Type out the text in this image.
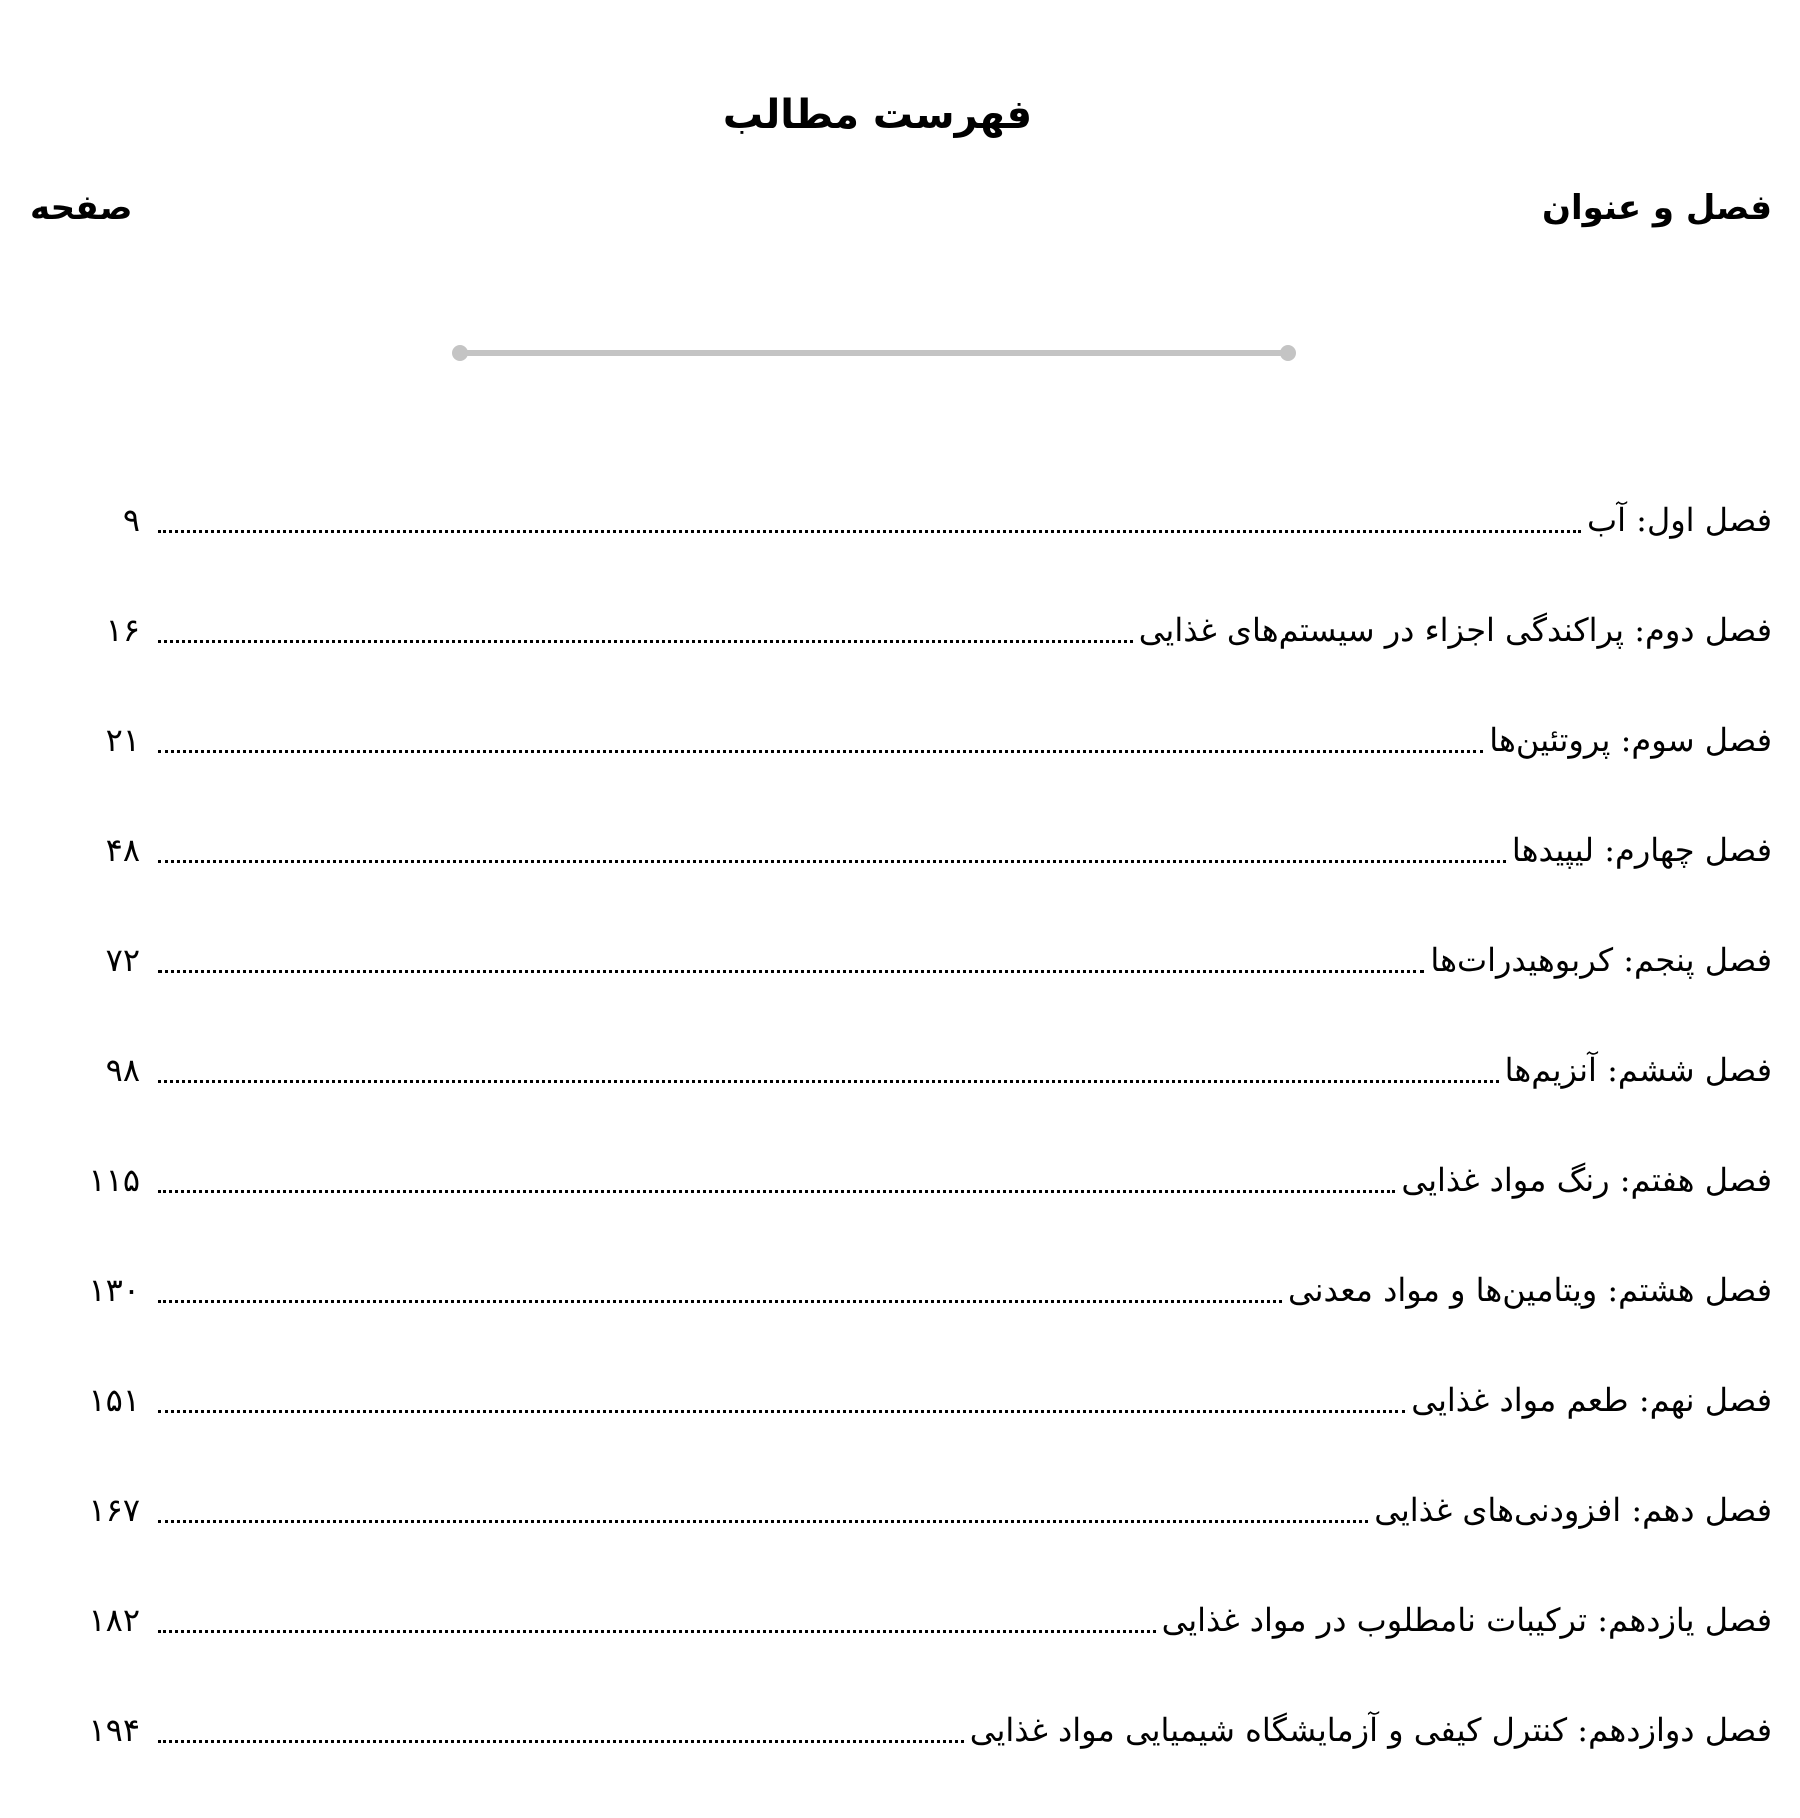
فهرست مطالب
فصل و عنوان
صفحه
فصل اول: آب
۹
فصل دوم: پراکندگی اجزاء در سیستم‌های غذایی
۱۶
فصل سوم: پروتئین‌ها
۲۱
فصل چهارم: لیپیدها
۴۸
فصل پنجم: کربوهیدرات‌ها
۷۲
فصل ششم: آنزیم‌ها
۹۸
فصل هفتم: رنگ مواد غذایی
۱۱۵
فصل هشتم: ویتامین‌ها و مواد معدنی
۱۳۰
فصل نهم: طعم مواد غذایی
۱۵۱
فصل دهم: افزودنی‌های غذایی
۱۶۷
فصل یازدهم: ترکیبات نامطلوب در مواد غذایی
۱۸۲
فصل دوازدهم: کنترل کیفی و آزمایشگاه شیمیایی مواد غذایی
۱۹۴
